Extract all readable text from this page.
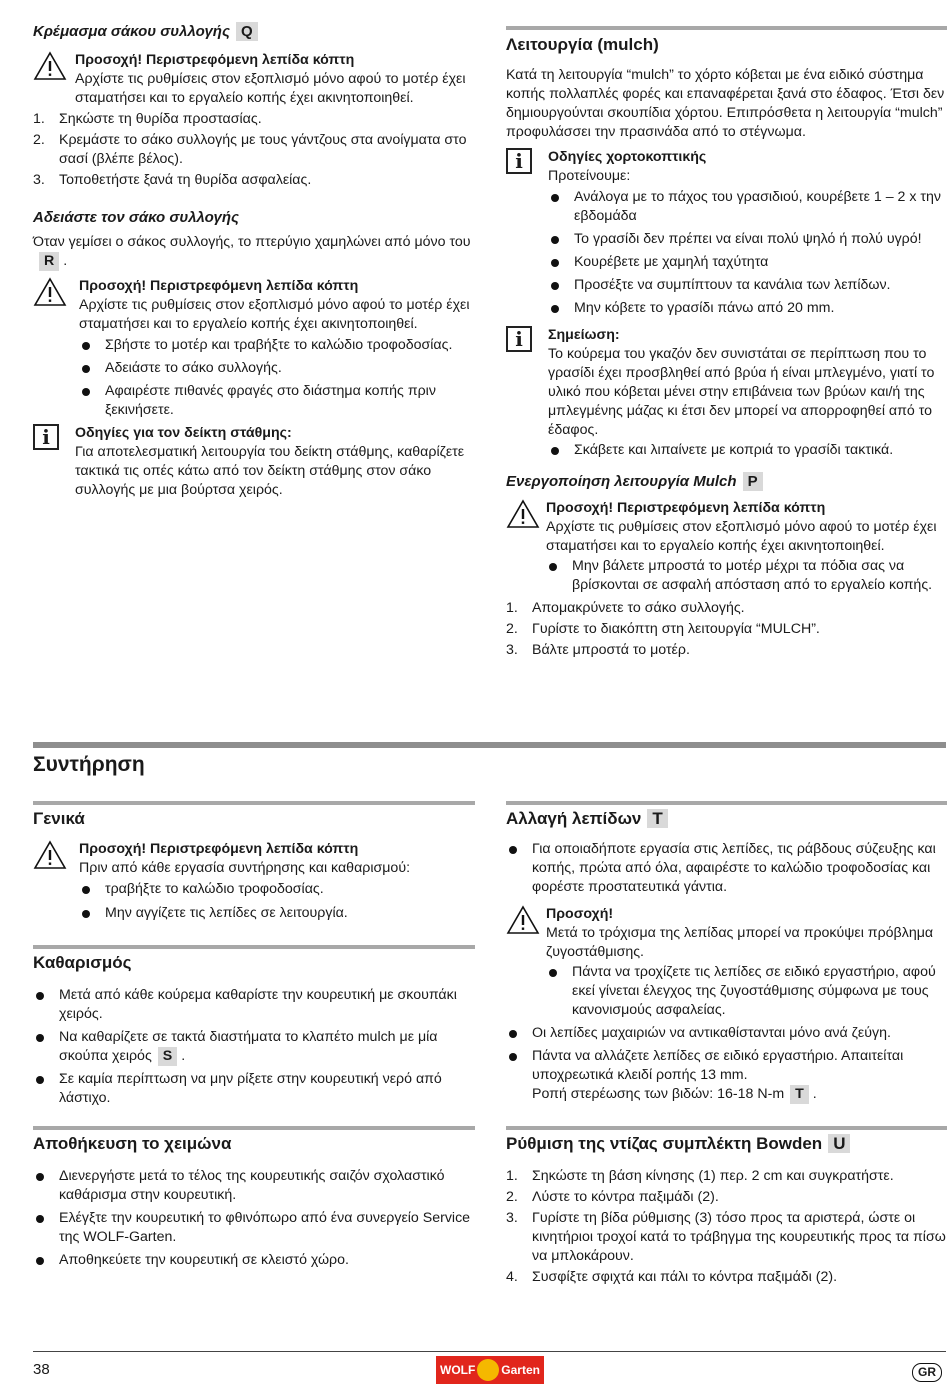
Κρέμασμα σάκου συλλογής Q

Προσοχή! Περιστρεφόμενη λεπίδα κόπτη

Αρχίστε τις ρυθμίσεις στον εξοπλισμό μόνο αφού το μοτέρ έχει σταματήσει και το εργαλείο κοπής έχει ακινητοποιηθεί.

1. Σηκώστε τη θυρίδα προστασίας.
2. Κρεμάστε το σάκο συλλογής με τους γάντζους στα ανοίγματα στο σασί (βλέπε βέλος).
3. Τοποθετήστε ξανά τη θυρίδα ασφαλείας.

Αδειάστε τον σάκο συλλογής

Όταν γεμίσει ο σάκος συλλογής, το πτερύγιο χαμηλώνει από μόνο τουR .

Προσοχή! Περιστρεφόμενη λεπίδα κόπτη

Αρχίστε τις ρυθμίσεις στον εξοπλισμό μόνο αφού το μοτέρ έχει σταματήσει και το εργαλείο κοπής έχει ακινητοποιηθεί.

Σβήστε το μοτέρ και τραβήξτε το καλώδιο τροφοδοσίας.
Αδειάστε το σάκο συλλογής.
Αφαιρέστε πιθανές φραγές στο διάστημα κοπής πριν ξεκινήσετε.
i	Οδηγίες για τον δείκτη στάθμης:

Για αποτελεσματική λειτουργία του δείκτη στάθμης, καθαρίζετε τακτικά τις οπές κάτω από τον δείκτη στάθμης στον σάκο συλλογής με μια βούρτσα χειρός.

Λειτουργία (mulch)

Κατά τη λειτουργία “mulch” το χόρτο κόβεται με ένα ειδικό σύστημα κοπής πολλαπλές φορές και επαναφέρεται ξανά στο έδαφος. Έτσι δεν δημιουργούνται σκουπίδια χόρτου. Επιπρόσθετα η λειτουργία “mulch” προφυλάσσει την πρασινάδα από το στέγνωμα.

i	Οδηγίες χορτοκοπτικής

Προτείνουμε:

Ανάλογα με το πάχος του γρασιδιού, κουρέβετε 1 – 2 x την εβδομάδα
Το γρασίδι δεν πρέπει να είναι πολύ ψηλό ή πολύ υγρό!
Κουρέβετε με χαμηλή ταχύτητα
Προσέξτε να συμπίπτουν τα κανάλια των λεπίδων.
Μην κόβετε το γρασίδι πάνω από 20 mm.
i	Σημείωση:

Το κούρεμα του γκαζόν δεν συνιστάται σε περίπτωση που το γρασίδι έχει προσβληθεί από βρύα ή είναι μπλεγμένο, γιατί το υλικό που κόβεται μένει στην επιβάνεια των βρύων και/ή της μπλεγμένης μάζας κι έτσι δεν μπορεί να απορροφηθεί από το έδαφος.

Σκάβετε και λιπαίνετε με κοπριά το γρασίδι τακτικά.

Ενεργοποίηση λειτουργία Mulch P

Προσοχή! Περιστρεφόμενη λεπίδα κόπτη

Αρχίστε τις ρυθμίσεις στον εξοπλισμό μόνο αφού το μοτέρ έχει σταματήσει και το εργαλείο κοπής έχει ακινητοποιηθεί.

Μην βάλετε μπροστά το μοτέρ μέχρι τα πόδια σας να βρίσκονται σε ασφαλή απόσταση από το εργαλείο κοπής.
1. Απομακρύνετε το σάκο συλλογής.
2. Γυρίστε το διακόπτη στη λειτουργία “MULCH”.
3. Βάλτε μπροστά το μοτέρ.

Συντήρηση

Γενικά

Προσοχή! Περιστρεφόμενη λεπίδα κόπτη

Πριν από κάθε εργασία συντήρησης και καθαρισμού:

τραβήξτε το καλώδιο τροφοδοσίας.
Μην αγγίζετε τις λεπίδες σε λειτουργία.

Καθαρισμός

Μετά από κάθε κούρεμα καθαρίστε την κουρευτική με σκουπάκι χειρός.
Να καθαρίζετε σε τακτά διαστήματα το κλαπέτο mulch με μία σκούπα χειρός S .
Σε καμία περίπτωση να μην ρίξετε στην κουρευτική νερό από λάστιχο.

Αποθήκευση το χειμώνα

Διενεργήστε μετά το τέλος της κουρευτικής σαιζόν σχολαστικό καθάρισμα στην κουρευτική.
Ελέγξτε την κουρευτική το φθινόπωρο από ένα συνεργείο Service της WOLF-Garten.
Αποθηκεύετε την κουρευτική σε κλειστό χώρο.

Αλλαγή λεπίδων T

Για οποιαδήποτε εργασία στις λεπίδες, τις ράβδους σύζευξης και κοπής, πρώτα από όλα, αφαιρέστε το καλώδιο τροφοδοσίας και φορέστε προστατευτικά γάντια.

Προσοχή!

Μετά το τρόχισμα της λεπίδας μπορεί να προκύψει πρόβλημα ζυγοστάθμισης.

Πάντα να τροχίζετε τις λεπίδες σε ειδικό εργαστήριο, αφού εκεί γίνεται έλεγχος της ζυγοστάθμισης σύμφωνα με τους κανονισμούς ασφαλείας.
Οι λεπίδες μαχαιριών να αντικαθίστανται μόνο ανά ζεύγη.
Πάντα να αλλάζετε λεπίδες σε ειδικό εργαστήριο. Απαιτείται υποχρεωτικά κλειδί ροπής 13 mm.
Ροπή στερέωσης των βιδών: 16-18 N-m T .

Ρύθμιση της ντίζας συμπλέκτη Bowden U

1. Σηκώστε τη βάση κίνησης (1) περ. 2 cm και συγκρατήστε.
2. Λύστε το κόντρα παξιμάδι (2).
3. Γυρίστε τη βίδα ρύθμισης (3) τόσο προς τα αριστερά, ώστε οι κινητήριοι τροχοί κατά το τράβηγμα της κουρευτικής προς τα πίσω να μπλοκάρουν.
4. Συσφίξτε σφιχτά και πάλι το κόντρα παξιμάδι (2).

38	WOLF Garten	GR
